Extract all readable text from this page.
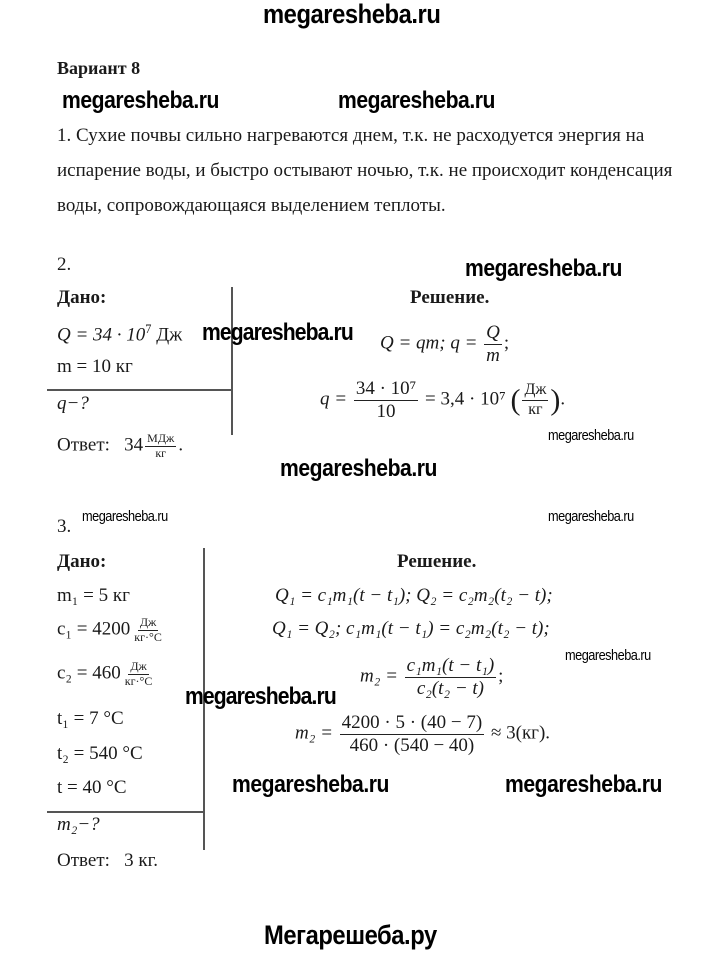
megaresheba.ru
Вариант 8
megaresheba.ru	megaresheba.ru
1. Сухие почвы сильно нагреваются днем, т.к. не расходуется энергия на испарение воды, и быстро остывают ночью, т.к. не происходит конденсация воды, сопровождающаяся выделением теплоты.
2.	megaresheba.ru
Дано:
$Q = 34 \cdot 10^7$ Дж
m = 10 кг
q−?
megaresheba.ru
Решение.
Q = qm; $q = \frac{Q}{m}$ ;
$q = \frac{\text{34 · 10⁷}}{10} = 3,4 \cdot 10^7$ ( $\frac{Дж}{кг}$ ).
megaresheba.ru
Ответ: $34 \frac{\text{МДж}}{кг}$ .
megaresheba.ru
3. megaresheba.ru	megaresheba.ru
Дано:
m₁ = 5 кг
$c_1 = 4200 \frac{Дж}{кг\cdot^\circ C}$
$c_2 = 460 \frac{Дж}{кг\cdot^\circ C}$
t₁ = 7 °C
t₂ = 540 °C
t = 40 °C
m₂−?
Ответ: 3 кг.
Решение.
Q₁ = c₁m₁(t − t₁); Q₂ = c₂m₂(t₂ − t);
Q₁ = Q₂; c₁m₁(t − t₁) = c₂m₂(t₂ − t);
megaresheba.ru
megaresheba.ru
$m_2 = \frac{\text{c₁m₁(t − t₁)}}{\text{c₂(t₂ − t)}}$ ;
$m_2 = \frac{4200 \cdot 5 \cdot (40 - 7)}{460 \cdot (540 - 40)} \approx 3(кг)$.
megaresheba.ru	megaresheba.ru
Мегарешеба.ру
